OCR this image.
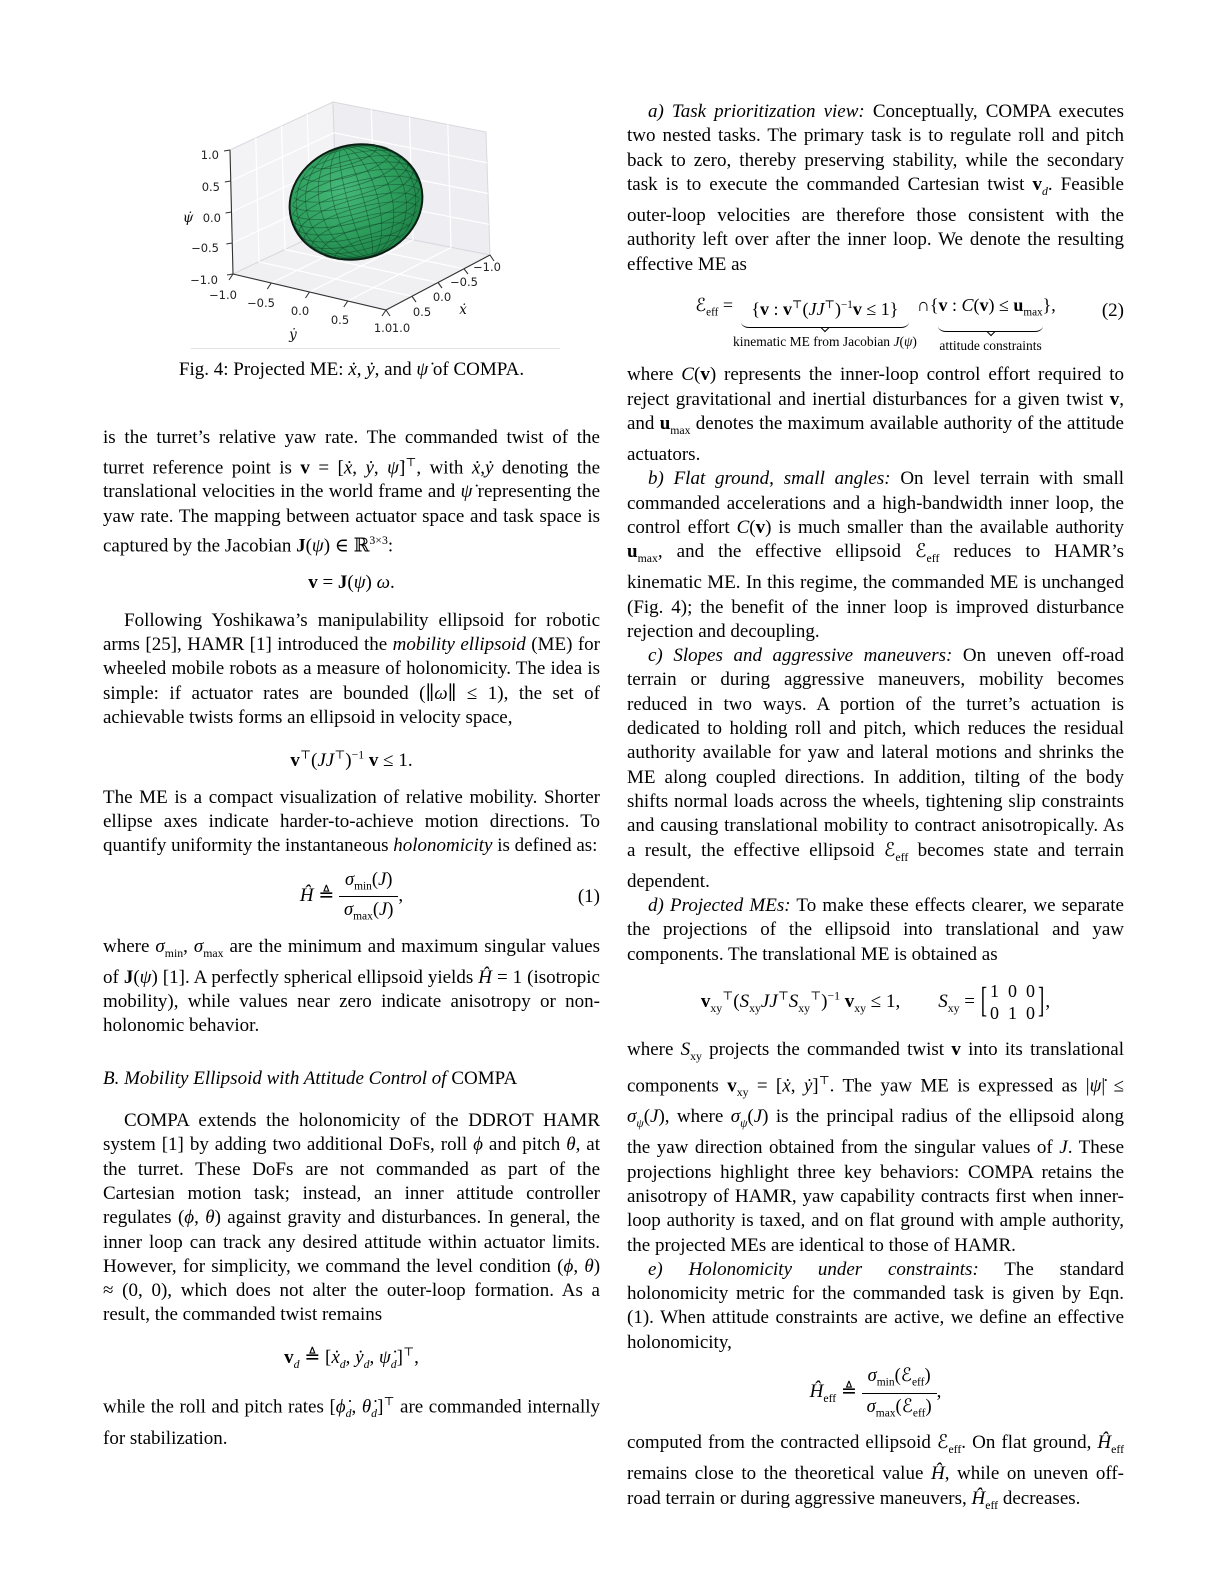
1.0
0.5
0.0
−0.5
−1.0
−1.0
−0.5
0.0
0.5
1.0
−1.0
−0.5
0.0
0.5
1.0
ψ̇
ẏ
ẋ

Fig. 4: Projected ME: ẋ, ẏ, and ψ̇ of COMPA.

is the turret’s relative yaw rate. The commanded twist of the turret reference point is v = [ẋ, ẏ, ψ̇]⊤, with ẋ,ẏ denoting the translational velocities in the world frame and ψ̇ representing the yaw rate. The mapping between actuator space and task space is captured by the Jacobian J(ψ) ∈ ℝ$^{3\times 3}$:

v = J(ψ) ω.

Following Yoshikawa’s manipulability ellipsoid for robotic arms [25], HAMR [1] introduced the mobility ellipsoid (ME) for wheeled mobile robots as a measure of holonomicity. The idea is simple: if actuator rates are bounded (∥ω∥ ≤ 1), the set of achievable twists forms an ellipsoid in velocity space,

$v^⊤(JJ^⊤)^{-1}$ v ≤ 1.

The ME is a compact visualization of relative mobility. Shorter ellipse axes indicate harder-to-achieve motion directions. To quantify uniformity the instantaneous holonomicity is defined as:

Ĥ ≜ $\frac{\sigma_{min}(J)}{\sigma_{max}(J)}$ ,	(1)

where $\sigma_{min}$, $\sigma_{max}$ are the minimum and maximum singular values of J(ψ) [1]. A perfectly spherical ellipsoid yields Ĥ = 1 (isotropic mobility), while values near zero indicate anisotropy or non-holonomic behavior.

B. Mobility Ellipsoid with Attitude Control of COMPA

COMPA extends the holonomicity of the DDROT HAMR system [1] by adding two additional DoFs, roll ϕ and pitch θ, at the turret. These DoFs are not commanded as part of the Cartesian motion task; instead, an inner attitude controller regulates (ϕ, θ) against gravity and disturbances. In general, the inner loop can track any desired attitude within actuator limits. However, for simplicity, we command the level condition (ϕ, θ) ≈ (0, 0), which does not alter the outer-loop formation. As a result, the commanded twist remains

$v_d$ ≜ [ẋ$_d$, ẏ$_d$, $\psi̇_d]^⊤$,

while the roll and pitch rates [$\phi̇_d$, $\thetȧ_d]^⊤$ are commanded internally for stabilization.

a) Task prioritization view: Conceptually, COMPA executes two nested tasks. The primary task is to regulate roll and pitch back to zero, thereby preserving stability, while the secondary task is to execute the commanded Cartesian twist $v_d$. Feasible outer-loop velocities are therefore those consistent with the authority left over after the inner loop. We denote the resulting effective ME as

ℰ$_{eff}$ =	{v : $v^⊤(JJ^⊤)^{-1}v \le 1$}
kinematic ME from Jacobian J(ψ)
∩ {v : $C(v) \le u_{max}$}
attitude constraints
, (2)

where C(v) represents the inner-loop control effort required to reject gravitational and inertial disturbances for a given twist v, and $u_{max}$ denotes the maximum available authority of the attitude actuators.

b) Flat ground, small angles: On level terrain with small commanded accelerations and a high-bandwidth inner loop, the control effort C(v) is much smaller than the available authority $u_{max}$, and the effective ellipsoid ℰ$_{eff}$ reduces to HAMR’s kinematic ME. In this regime, the commanded ME is unchanged (Fig. 4); the benefit of the inner loop is improved disturbance rejection and decoupling.

c) Slopes and aggressive maneuvers: On uneven off-road terrain or during aggressive maneuvers, mobility becomes reduced in two ways. A portion of the turret’s actuation is dedicated to holding roll and pitch, which reduces the residual authority available for yaw and lateral motions and shrinks the ME along coupled directions. In addition, tilting of the body shifts normal loads across the wheels, tightening slip constraints and causing translational mobility to contract anisotropically. As a result, the effective ellipsoid ℰ$_{eff}$ becomes state and terrain dependent.

d) Projected MEs: To make these effects clearer, we separate the projections of the ellipsoid into translational and yaw components. The translational ME is obtained as

$v_{xy}^⊤(S_{xy}JJ^⊤S_{xy}^⊤)^{-1}$ $v_{xy} \le 1$,  $S_{xy}$ = [ 1  0  0
0  1  0 ],

where $S_{xy}$ projects the commanded twist v into its translational components $v_{xy}$ = [ẋ, ẏ]⊤. The yaw ME is expressed as |ψ̇| ≤ $\sigma_\psi(J)$, where $\sigma_\psi(J)$ is the principal radius of the ellipsoid along the yaw direction obtained from the singular values of J. These projections highlight three key behaviors: COMPA retains the anisotropy of HAMR, yaw capability contracts first when inner-loop authority is taxed, and on flat ground with ample authority, the projected MEs are identical to those of HAMR.

e) Holonomicity under constraints: The standard holonomicity metric for the commanded task is given by Eqn. (1). When attitude constraints are active, we define an effective holonomicity,

$Ĥ_{eff}$ ≜ $\frac{\sigma_{min}(ℰ_{eff})}{\sigma_{max}(ℰ_{eff})}$ ,

computed from the contracted ellipsoid ℰ$_{eff}$. On flat ground, $Ĥ_{eff}$ remains close to the theoretical value Ĥ, while on uneven off-road terrain or during aggressive maneuvers, $Ĥ_{eff}$ decreases.
